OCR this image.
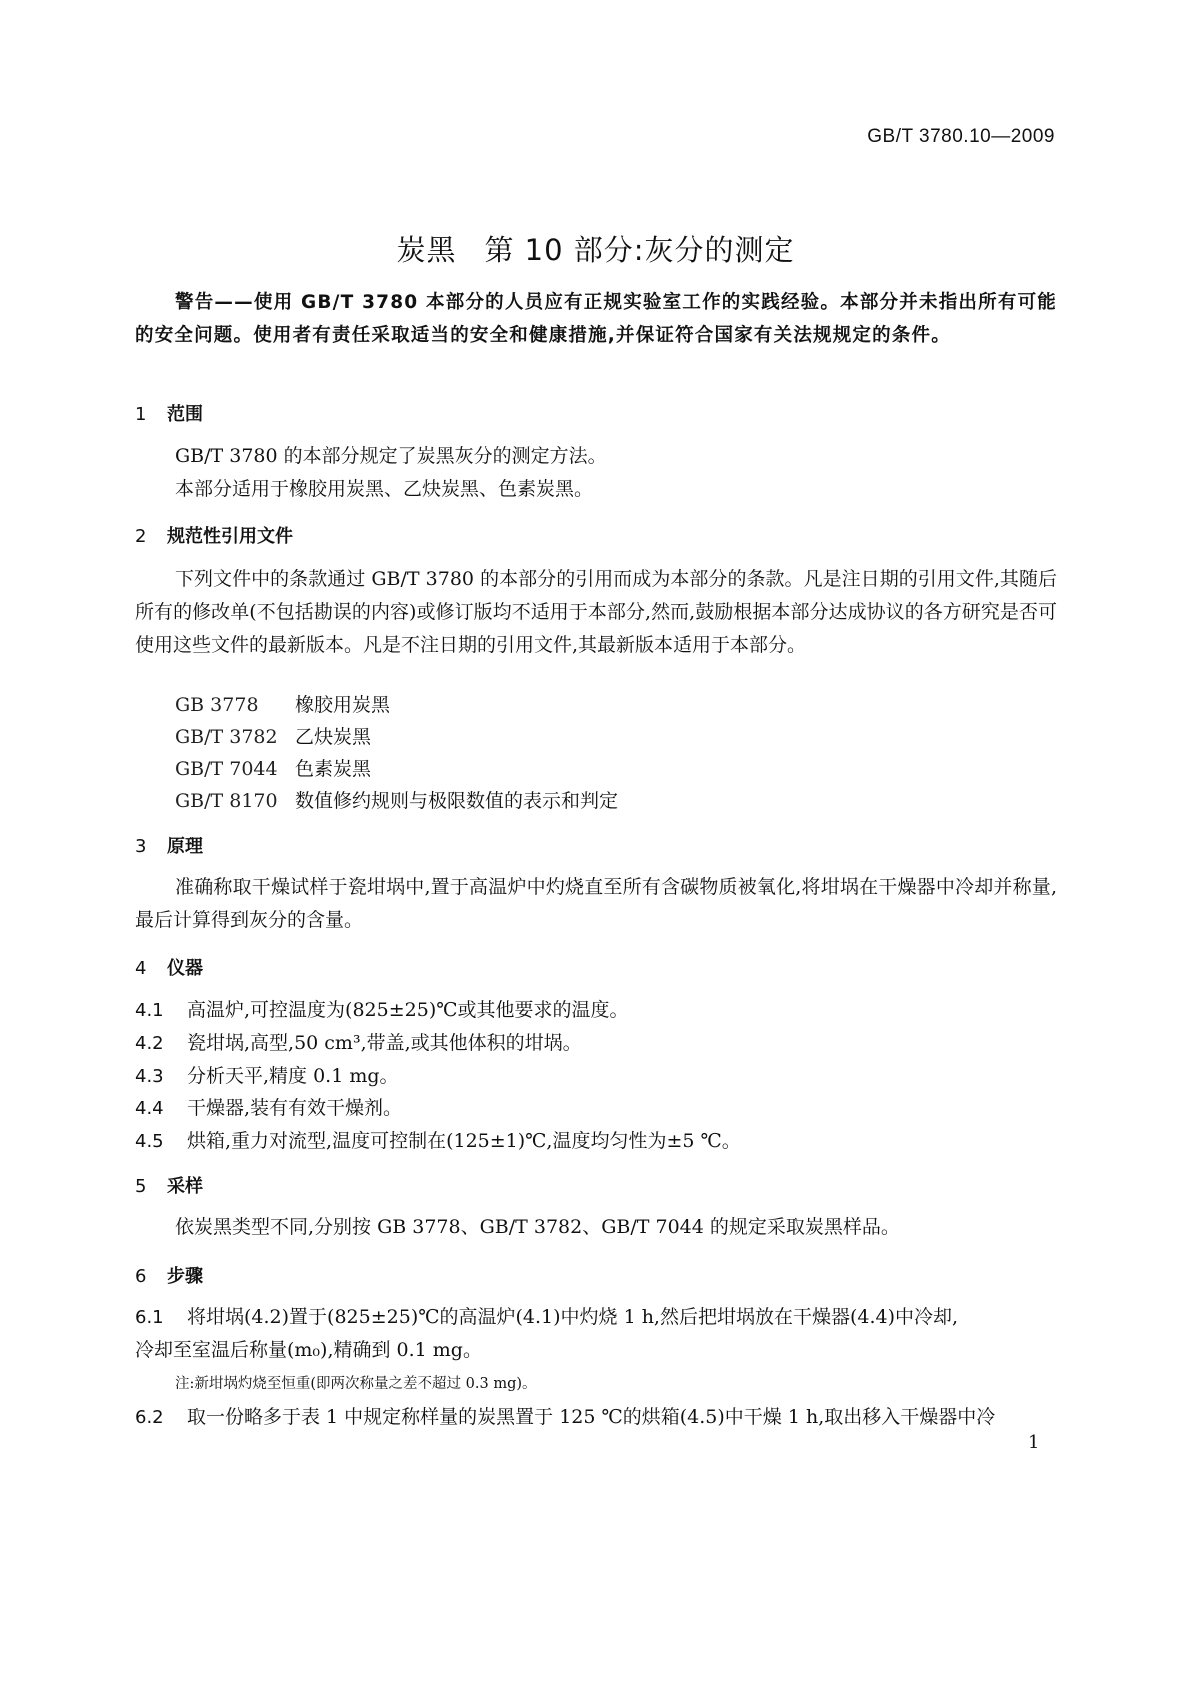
GB/T 3780.10—2009
炭黑 第 10 部分:灰分的测定
警告——使用 GB/T 3780 本部分的人员应有正规实验室工作的实践经验。本部分并未指出所有可能的安全问题。使用者有责任采取适当的安全和健康措施,并保证符合国家有关法规规定的条件。
1 范围
GB/T 3780 的本部分规定了炭黑灰分的测定方法。
本部分适用于橡胶用炭黑、乙炔炭黑、色素炭黑。
2 规范性引用文件
下列文件中的条款通过 GB/T 3780 的本部分的引用而成为本部分的条款。凡是注日期的引用文件,其随后所有的修改单(不包括勘误的内容)或修订版均不适用于本部分,然而,鼓励根据本部分达成协议的各方研究是否可使用这些文件的最新版本。凡是不注日期的引用文件,其最新版本适用于本部分。
GB 3778 橡胶用炭黑
GB/T 3782 乙炔炭黑
GB/T 7044 色素炭黑
GB/T 8170 数值修约规则与极限数值的表示和判定
3 原理
准确称取干燥试样于瓷坩埚中,置于高温炉中灼烧直至所有含碳物质被氧化,将坩埚在干燥器中冷却并称量,最后计算得到灰分的含量。
4 仪器
4.1 高温炉,可控温度为(825±25)℃或其他要求的温度。
4.2 瓷坩埚,高型,50 cm³,带盖,或其他体积的坩埚。
4.3 分析天平,精度 0.1 mg。
4.4 干燥器,装有有效干燥剂。
4.5 烘箱,重力对流型,温度可控制在(125±1)℃,温度均匀性为±5 ℃。
5 采样
依炭黑类型不同,分别按 GB 3778、GB/T 3782、GB/T 7044 的规定采取炭黑样品。
6 步骤
6.1 将坩埚(4.2)置于(825±25)℃的高温炉(4.1)中灼烧 1 h,然后把坩埚放在干燥器(4.4)中冷却,
冷却至室温后称量(m₀),精确到 0.1 mg。
注:新坩埚灼烧至恒重(即两次称量之差不超过 0.3 mg)。
6.2 取一份略多于表 1 中规定称样量的炭黑置于 125 ℃的烘箱(4.5)中干燥 1 h,取出移入干燥器中冷
1
